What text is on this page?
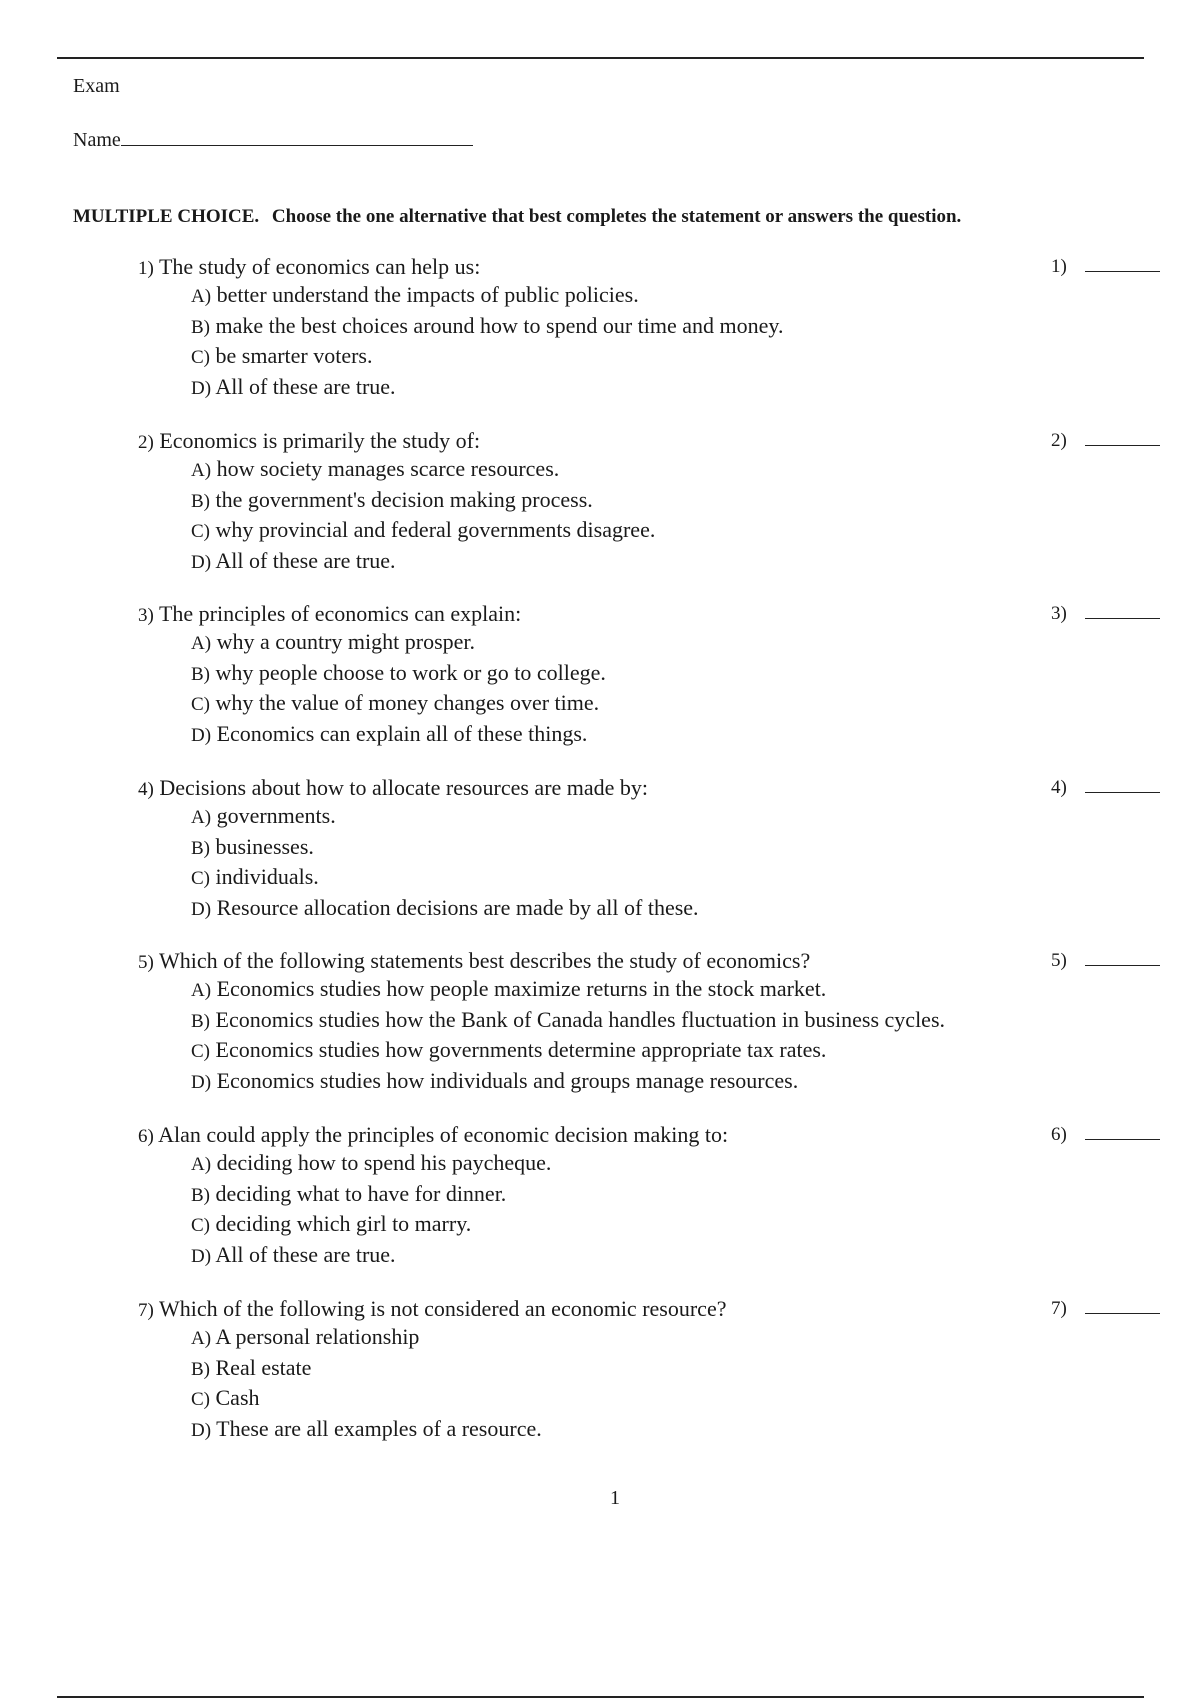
Exam
Name
MULTIPLE CHOICE. Choose the one alternative that best completes the statement or answers the question.
1) The study of economics can help us:
A) better understand the impacts of public policies.
B) make the best choices around how to spend our time and money.
C) be smarter voters.
D) All of these are true.
1)
2) Economics is primarily the study of:
A) how society manages scarce resources.
B) the government's decision making process.
C) why provincial and federal governments disagree.
D) All of these are true.
2)
3) The principles of economics can explain:
A) why a country might prosper.
B) why people choose to work or go to college.
C) why the value of money changes over time.
D) Economics can explain all of these things.
3)
4) Decisions about how to allocate resources are made by:
A) governments.
B) businesses.
C) individuals.
D) Resource allocation decisions are made by all of these.
4)
5) Which of the following statements best describes the study of economics?
A) Economics studies how people maximize returns in the stock market.
B) Economics studies how the Bank of Canada handles fluctuation in business cycles.
C) Economics studies how governments determine appropriate tax rates.
D) Economics studies how individuals and groups manage resources.
5)
6) Alan could apply the principles of economic decision making to:
A) deciding how to spend his paycheque.
B) deciding what to have for dinner.
C) deciding which girl to marry.
D) All of these are true.
6)
7) Which of the following is not considered an economic resource?
A) A personal relationship
B) Real estate
C) Cash
D) These are all examples of a resource.
7)
1
